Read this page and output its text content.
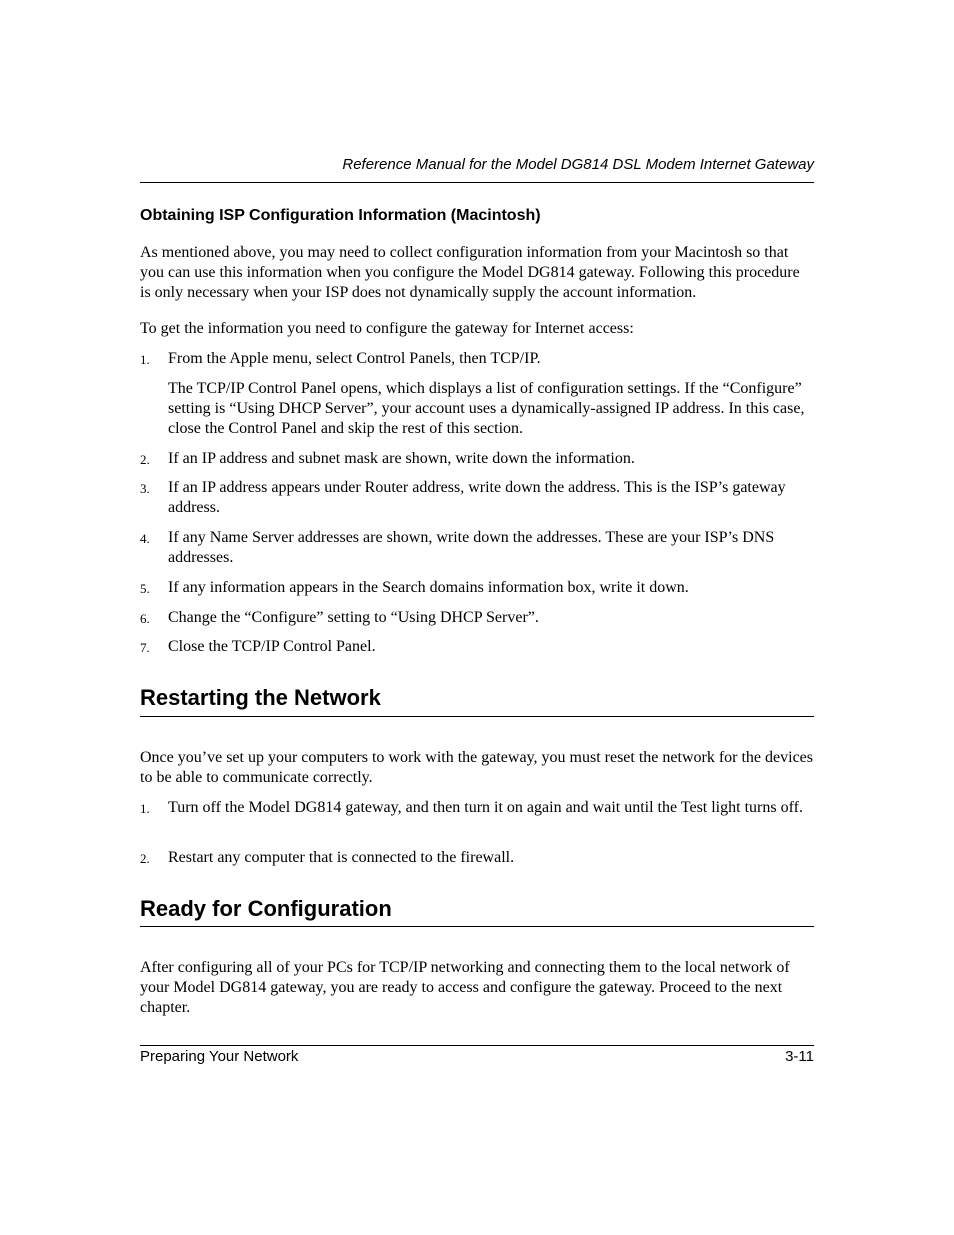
Reference Manual for the Model DG814 DSL Modem Internet Gateway
Obtaining ISP Configuration Information (Macintosh)

As mentioned above, you may need to collect configuration information from your Macintosh so that you can use this information when you configure the Model DG814 gateway. Following this procedure is only necessary when your ISP does not dynamically supply the account information.

To get the information you need to configure the gateway for Internet access:

1.	From the Apple menu, select Control Panels, then TCP/IP.

The TCP/IP Control Panel opens, which displays a list of configuration settings. If the “Configure” setting is “Using DHCP Server”, your account uses a dynamically-assigned IP address. In this case, close the Control Panel and skip the rest of this section.

2.	If an IP address and subnet mask are shown, write down the information.
3.	If an IP address appears under Router address, write down the address. This is the ISP’s gateway address.
4.	If any Name Server addresses are shown, write down the addresses. These are your ISP’s DNS addresses.
5.	If any information appears in the Search domains information box, write it down.
6.	Change the “Configure” setting to “Using DHCP Server”.
7.	Close the TCP/IP Control Panel.
Restarting the Network

Once you’ve set up your computers to work with the gateway, you must reset the network for the devices to be able to communicate correctly.

1.	Turn off the Model DG814 gateway, and then turn it on again and wait until the Test light turns off.
2.	Restart any computer that is connected to the firewall.
Ready for Configuration

After configuring all of your PCs for TCP/IP networking and connecting them to the local network of your Model DG814 gateway, you are ready to access and configure the gateway. Proceed to the next chapter.

Preparing Your Network	3-11
